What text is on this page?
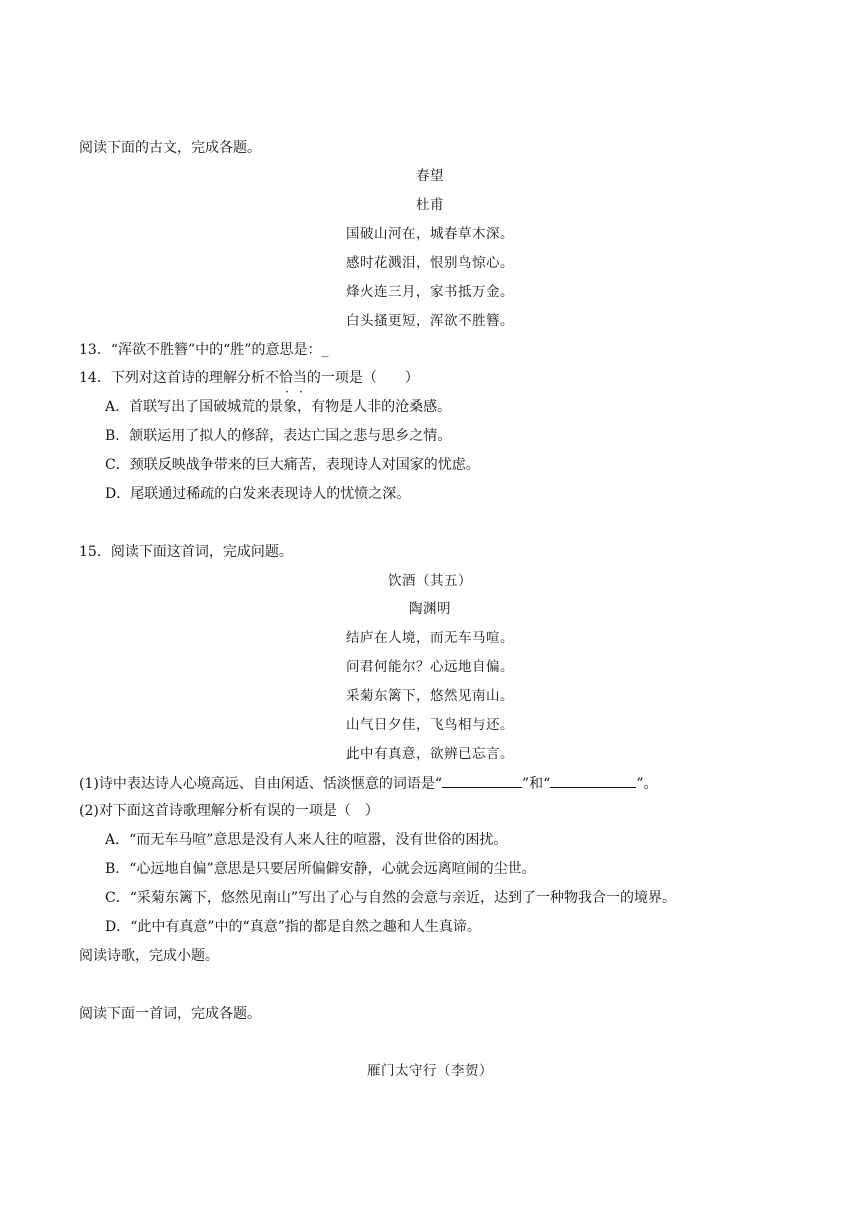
阅读下面的古文，完成各题。
春望
杜甫
国破山河在，城春草木深。
感时花溅泪，恨别鸟惊心。
烽火连三月，家书抵万金。
白头搔更短，浑欲不胜簪。
13．“浑欲不胜簪”中的“胜”的意思是：_
14．下列对这首诗的理解分析不恰当的一项是（　　）
A．首联写出了国破城荒的景象，有物是人非的沧桑感。
B．颔联运用了拟人的修辞，表达亡国之悲与思乡之情。
C．颈联反映战争带来的巨大痛苦，表现诗人对国家的忧虑。
D．尾联通过稀疏的白发来表现诗人的忧愤之深。
15．阅读下面这首词，完成问题。
饮酒（其五）
陶渊明
结庐在人境，而无车马喧。
问君何能尔？心远地自偏。
采菊东篱下，悠然见南山。
山气日夕佳，飞鸟相与还。
此中有真意，欲辨已忘言。
(1)诗中表达诗人心境高远、自由闲适、恬淡惬意的词语是“	”和“	”。
(2)对下面这首诗歌理解分析有误的一项是（　）
A．“而无车马喧”意思是没有人来人往的喧嚣，没有世俗的困扰。
B．“心远地自偏”意思是只要居所偏僻安静，心就会远离喧闹的尘世。
C．“采菊东篱下，悠然见南山”写出了心与自然的会意与亲近，达到了一种物我合一的境界。
D．“此中有真意”中的“真意”指的都是自然之趣和人生真谛。
阅读诗歌，完成小题。
阅读下面一首词，完成各题。
雁门太守行（李贺）
